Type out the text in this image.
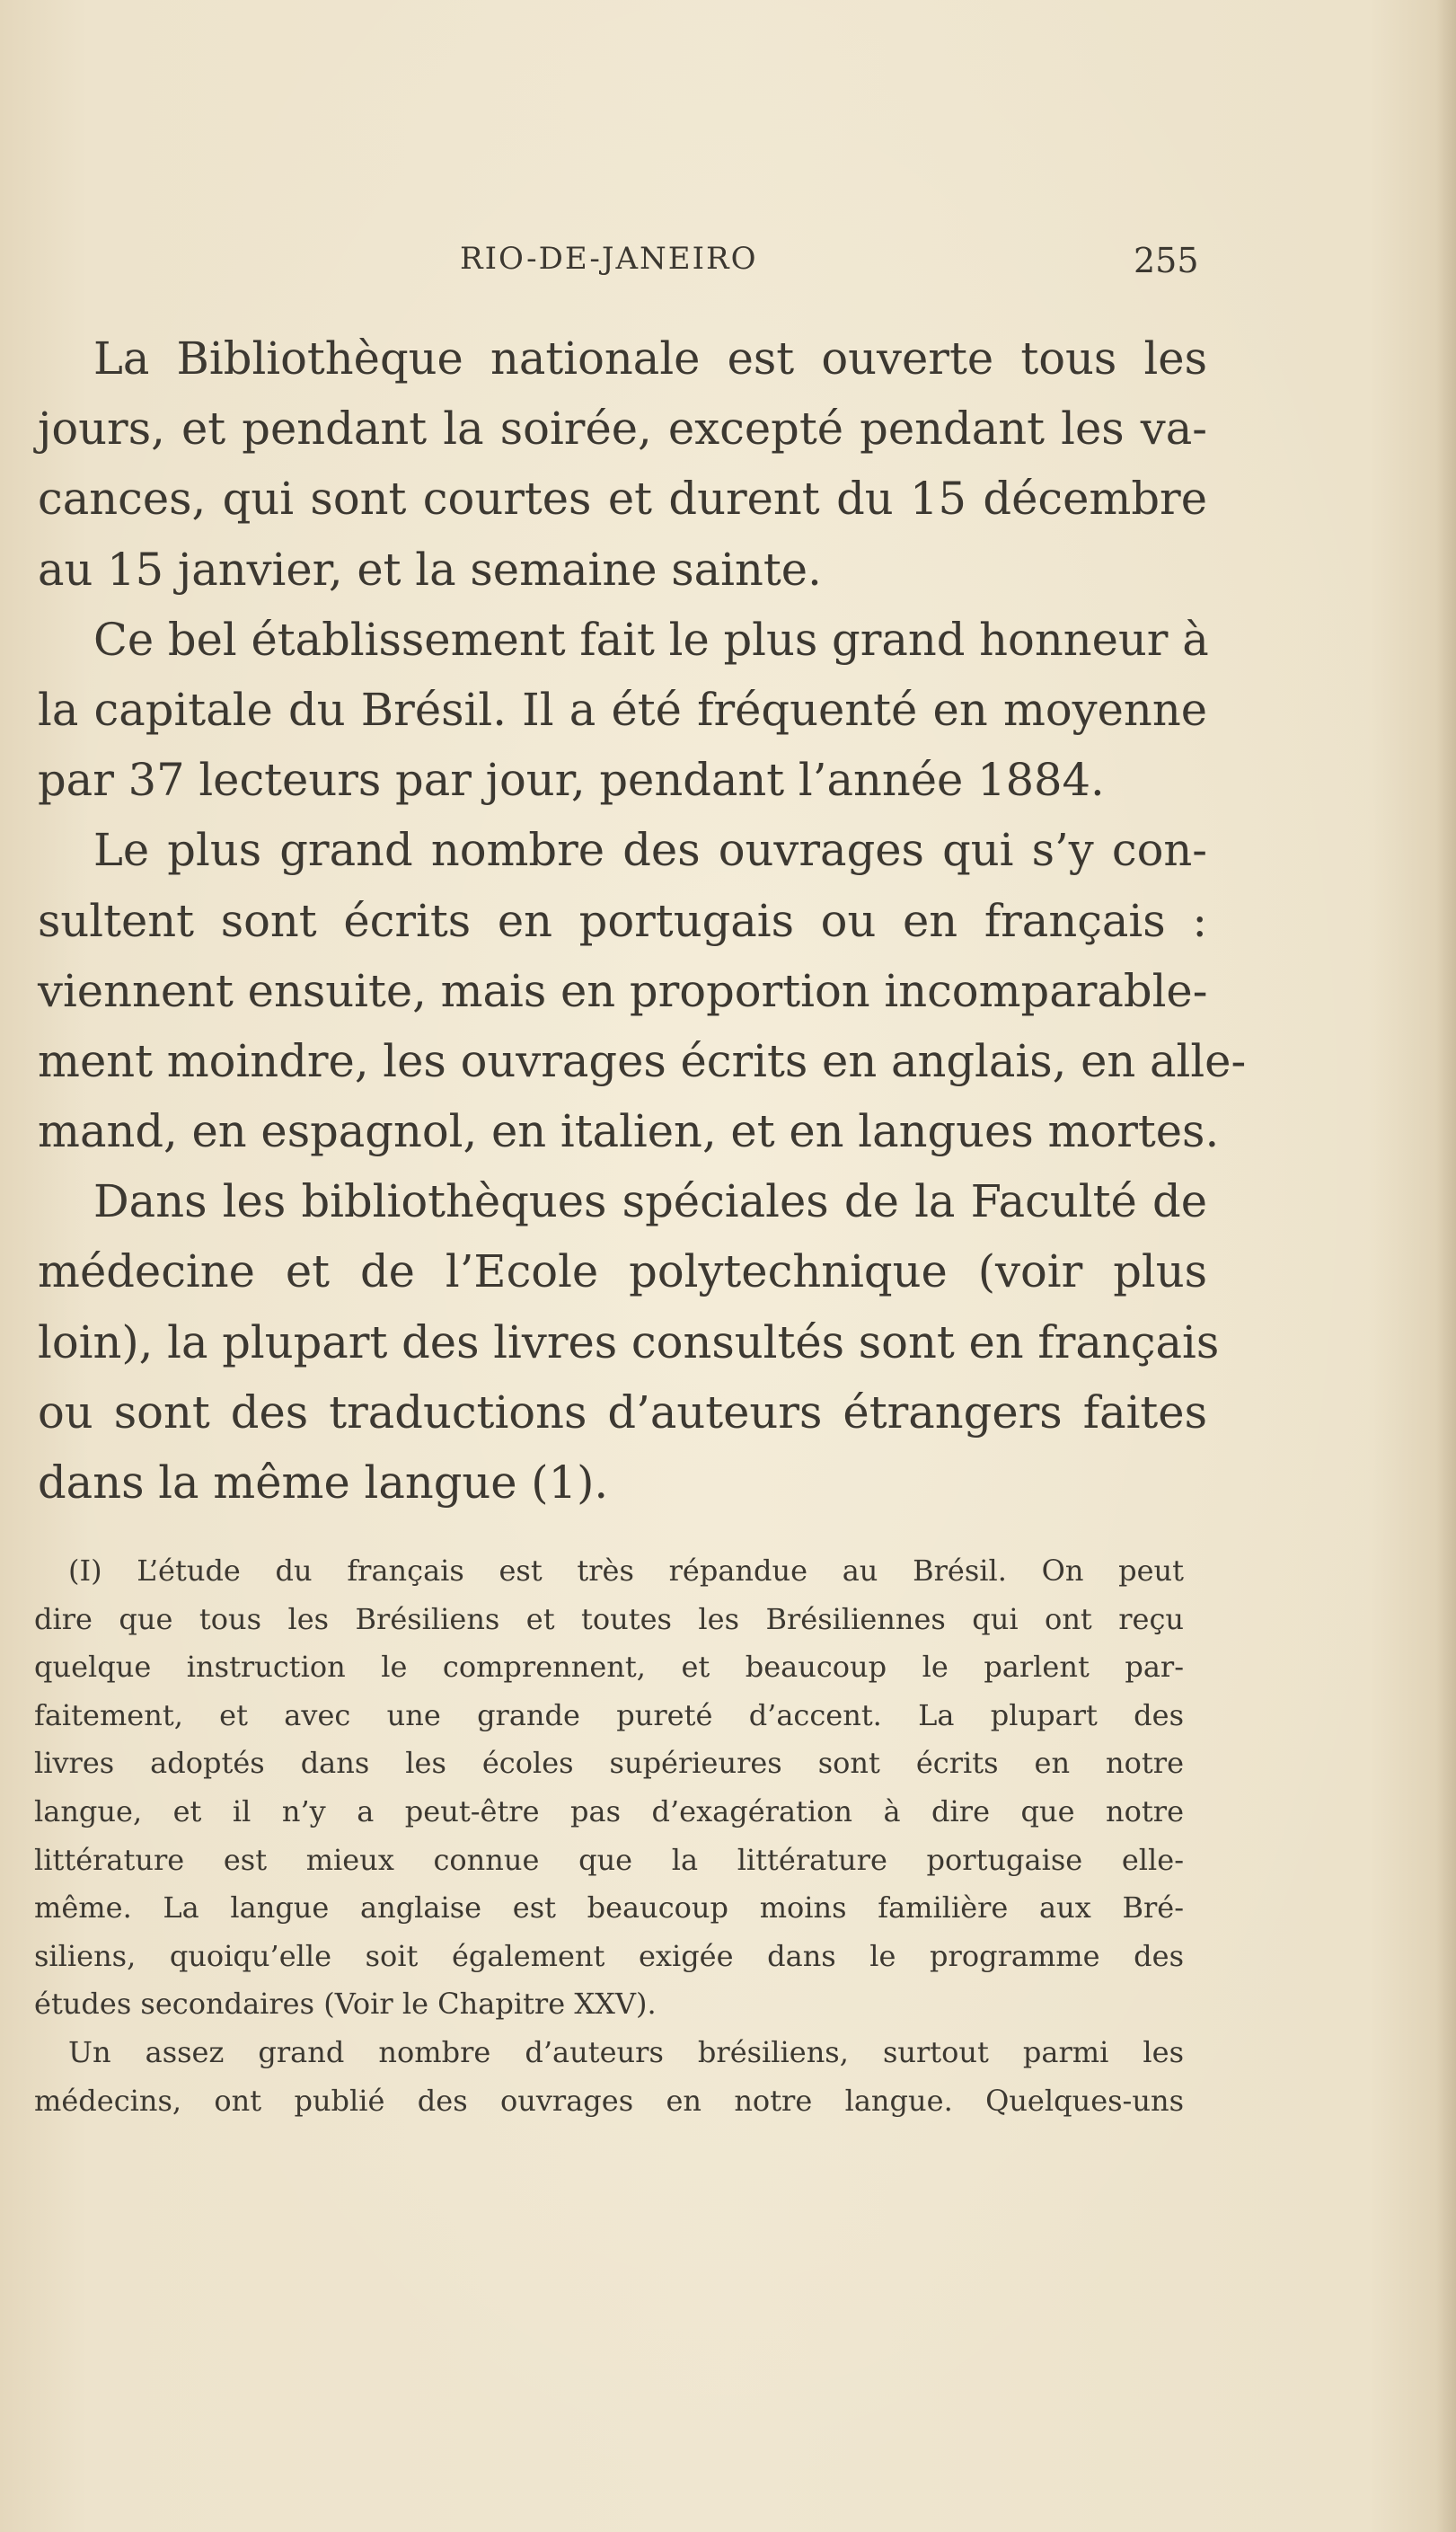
RIO-DE-JANEIRO	255
La Bibliothèque nationale est ouverte tous les
jours, et pendant la soirée, excepté pendant les va-
cances, qui sont courtes et durent du 15 décembre
au 15 janvier, et la semaine sainte.
Ce bel établissement fait le plus grand honneur à
la capitale du Brésil. Il a été fréquenté en moyenne
par 37 lecteurs par jour, pendant l’année 1884.
Le plus grand nombre des ouvrages qui s’y con-
sultent sont écrits en portugais ou en français :
viennent ensuite, mais en proportion incomparable-
ment moindre, les ouvrages écrits en anglais, en alle-
mand, en espagnol, en italien, et en langues mortes.
Dans les bibliothèques spéciales de la Faculté de
médecine et de l’Ecole polytechnique (voir plus
loin), la plupart des livres consultés sont en français
ou sont des traductions d’auteurs étrangers faites
dans la même langue (1).
(I) L’étude du français est très répandue au Brésil. On peut
dire que tous les Brésiliens et toutes les Brésiliennes qui ont reçu
quelque instruction le comprennent, et beaucoup le parlent par-
faitement, et avec une grande pureté d’accent. La plupart des
livres adoptés dans les écoles supérieures sont écrits en notre
langue, et il n’y a peut-être pas d’exagération à dire que notre
littérature est mieux connue que la littérature portugaise elle-
même. La langue anglaise est beaucoup moins familière aux Bré-
siliens, quoiqu’elle soit également exigée dans le programme des
études secondaires (Voir le Chapitre XXV).
Un assez grand nombre d’auteurs brésiliens, surtout parmi les
médecins, ont publié des ouvrages en notre langue. Quelques-uns
